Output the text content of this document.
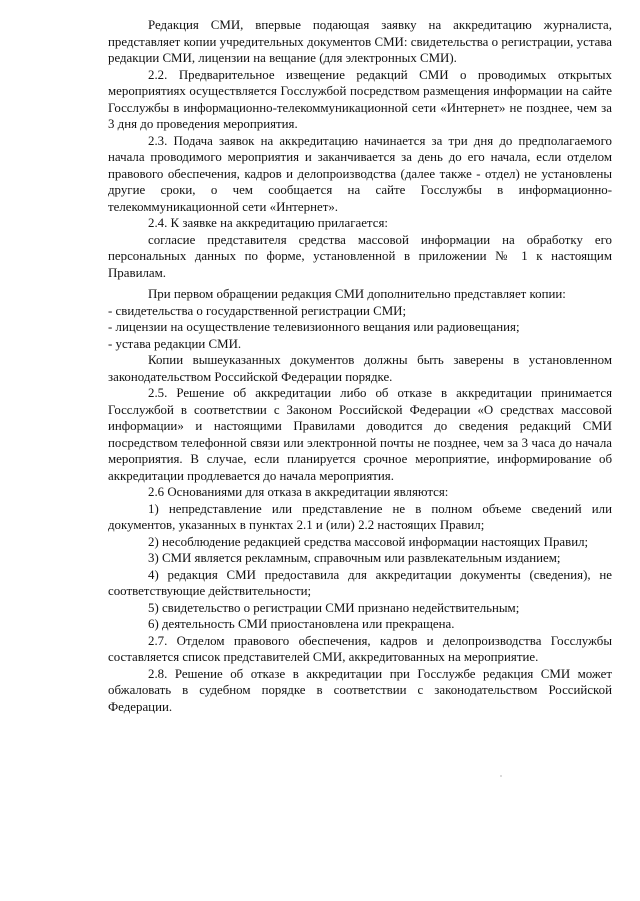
Редакция СМИ, впервые подающая заявку на аккредитацию журналиста, представляет копии учредительных документов СМИ: свидетельства о регистрации, устава редакции СМИ, лицензии на вещание (для электронных СМИ).

2.2. Предварительное извещение редакций СМИ о проводимых открытых мероприятиях осуществляется Госслужбой посредством размещения информации на сайте Госслужбы в информационно-телекоммуникационной сети «Интернет» не позднее, чем за 3 дня до проведения мероприятия.

2.3. Подача заявок на аккредитацию начинается за три дня до предполагаемого начала проводимого мероприятия и заканчивается за день до его начала, если отделом правового обеспечения, кадров и делопроизводства (далее также - отдел) не установлены другие сроки, о чем сообщается на сайте Госслужбы в информационно-телекоммуникационной сети «Интернет».

2.4. К заявке на аккредитацию прилагается:

согласие представителя средства массовой информации на обработку его персональных данных по форме, установленной в приложении № 1 к настоящим Правилам.

При первом обращении редакция СМИ дополнительно представляет копии:

- свидетельства о государственной регистрации СМИ;

- лицензии на осуществление телевизионного вещания или радиовещания;

- устава редакции СМИ.

Копии вышеуказанных документов должны быть заверены в установленном законодательством Российской Федерации порядке.

2.5. Решение об аккредитации либо об отказе в аккредитации принимается Госслужбой в соответствии с Законом Российской Федерации «О средствах массовой информации» и настоящими Правилами доводится до сведения редакций СМИ посредством телефонной связи или электронной почты не позднее, чем за 3 часа до начала мероприятия. В случае, если планируется срочное мероприятие, информирование об аккредитации продлевается до начала мероприятия.

2.6 Основаниями для отказа в аккредитации являются:

1) непредставление или представление не в полном объеме сведений или документов, указанных в пунктах 2.1 и (или) 2.2 настоящих Правил;

2) несоблюдение редакцией средства массовой информации настоящих Правил;

3) СМИ является рекламным, справочным или развлекательным изданием;

4) редакция СМИ предоставила для аккредитации документы (сведения), не соответствующие действительности;

5) свидетельство о регистрации СМИ признано недействительным;

6) деятельность СМИ приостановлена или прекращена.

2.7. Отделом правового обеспечения, кадров и делопроизводства Госслужбы составляется список представителей СМИ, аккредитованных на мероприятие.

2.8. Решение об отказе в аккредитации при Госслужбе редакция СМИ может обжаловать в судебном порядке в соответствии с законодательством Российской Федерации.
